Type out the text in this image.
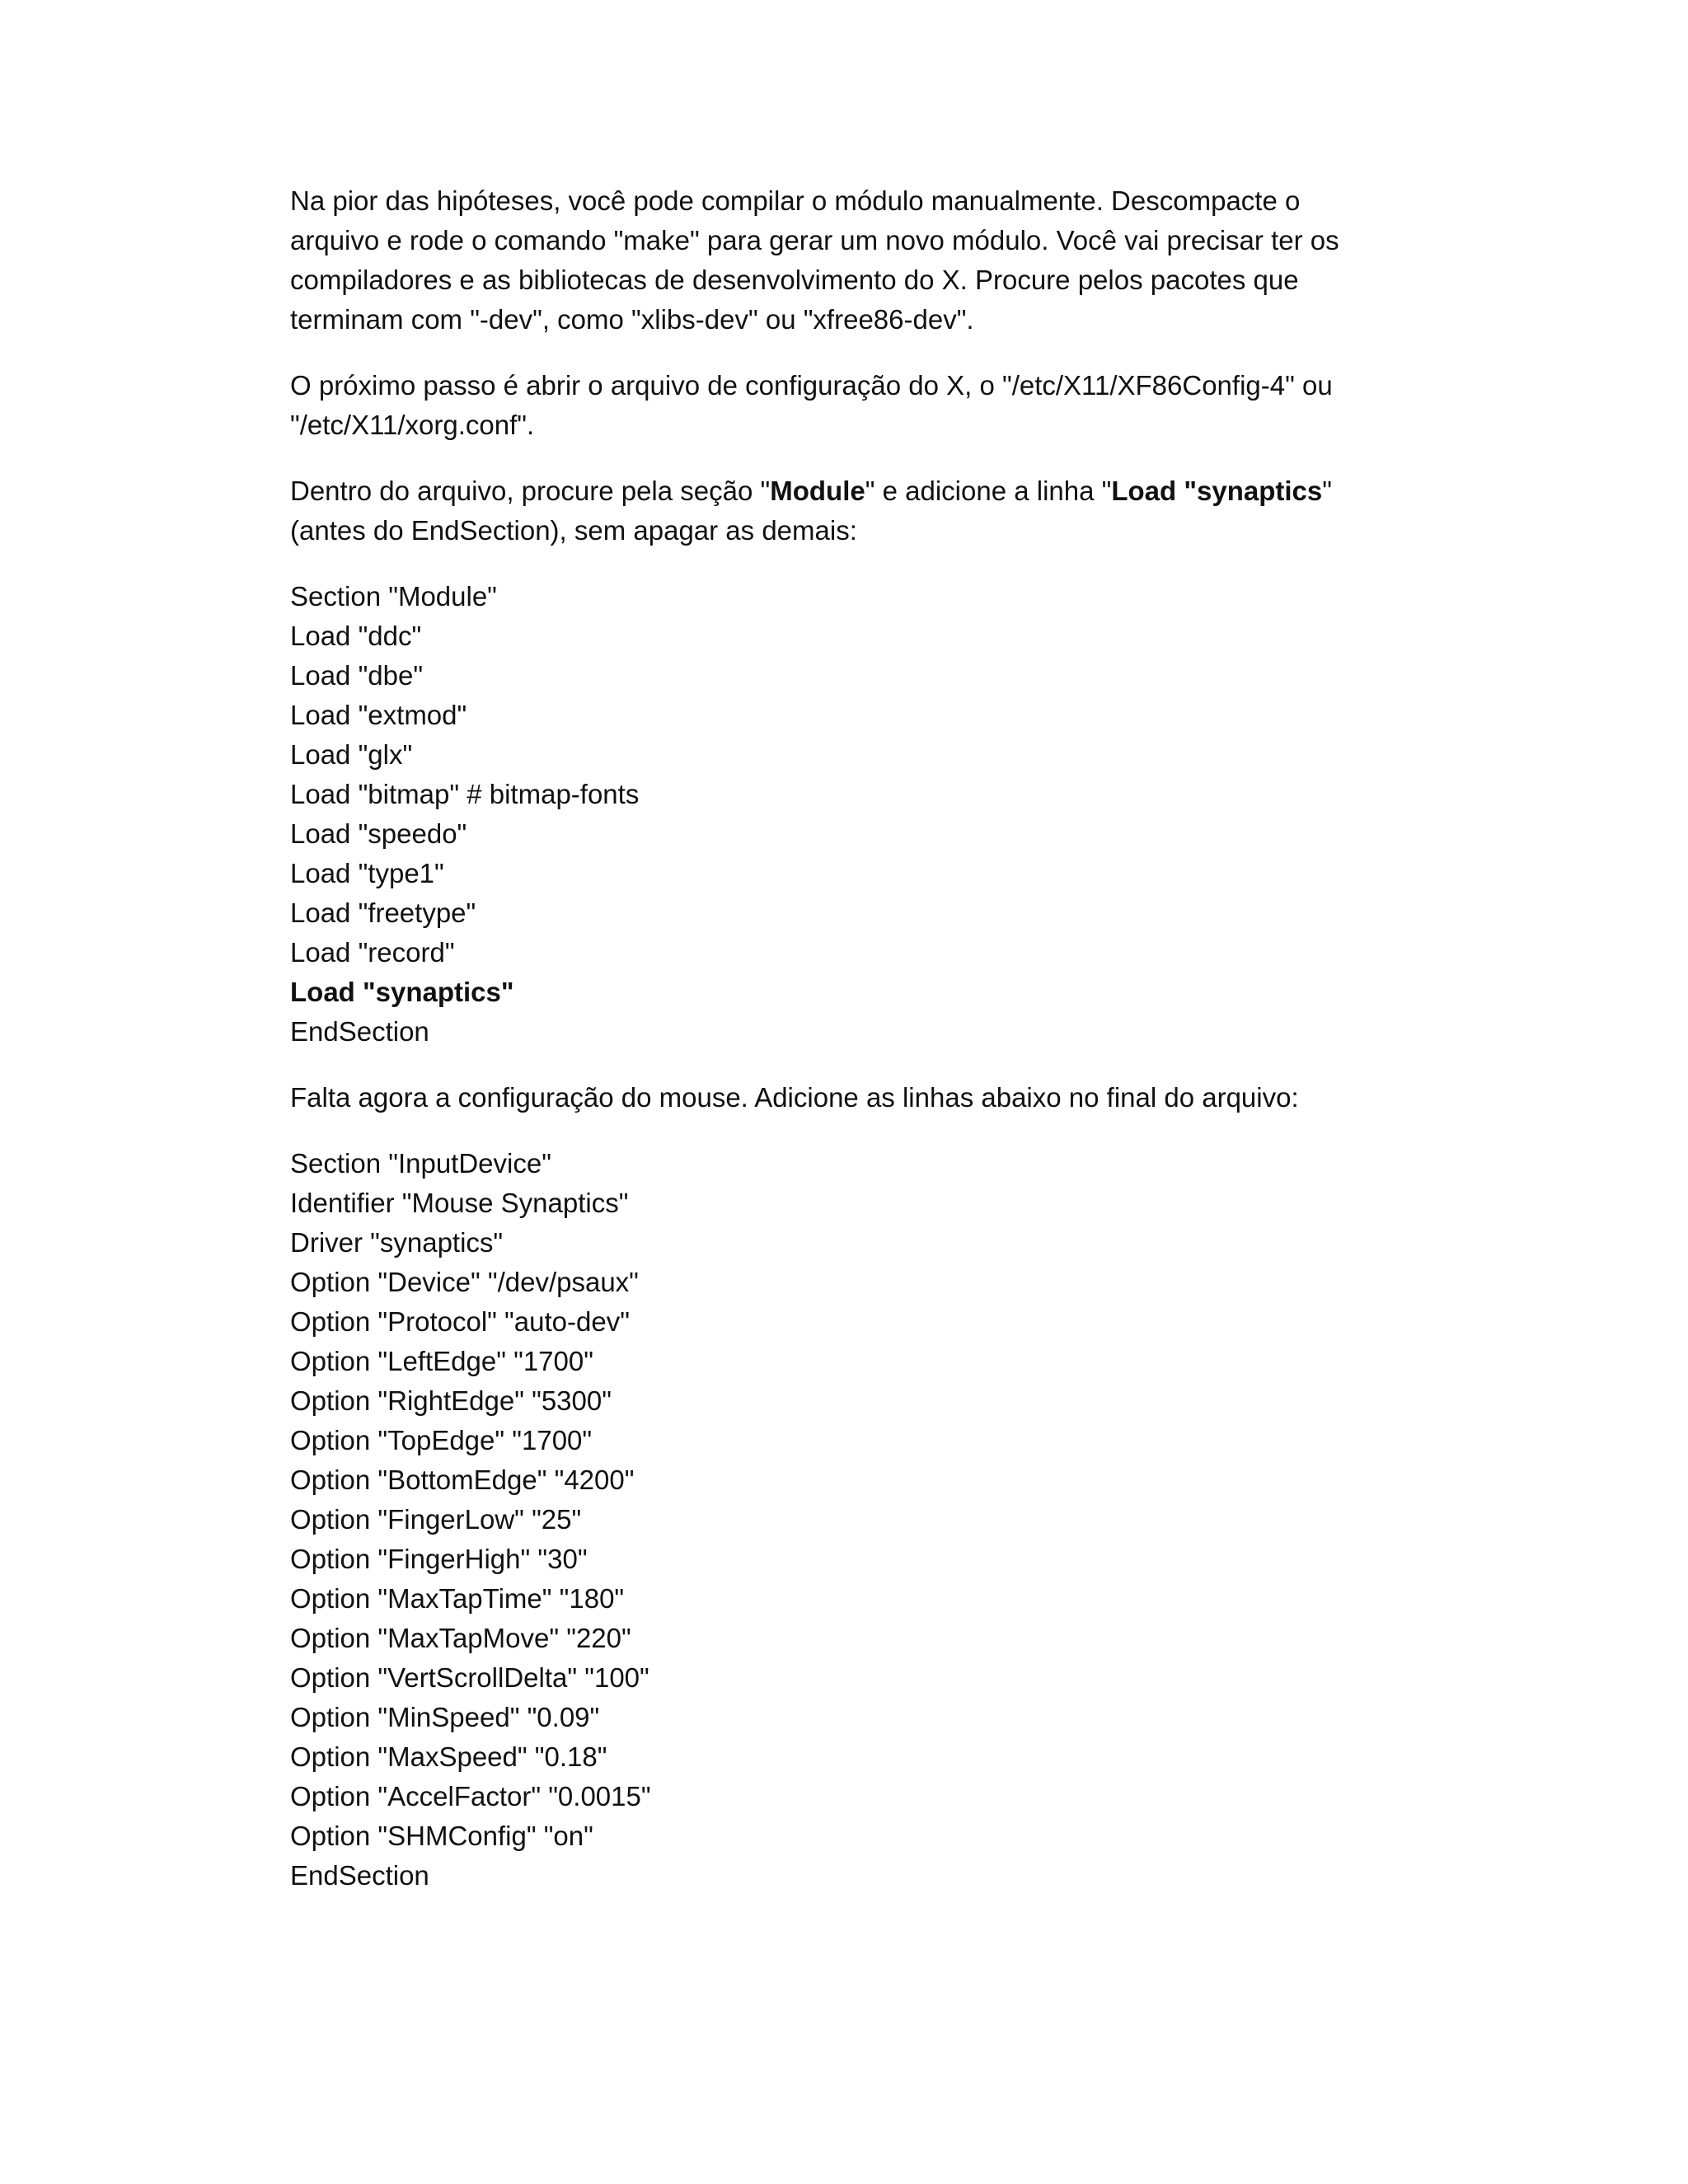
Na pior das hipóteses, você pode compilar o módulo manualmente. Descompacte o arquivo e rode o comando "make" para gerar um novo módulo. Você vai precisar ter os compiladores e as bibliotecas de desenvolvimento do X. Procure pelos pacotes que terminam com "-dev", como "xlibs-dev" ou "xfree86-dev".

O próximo passo é abrir o arquivo de configuração do X, o "/etc/X11/XF86Config-4" ou "/etc/X11/xorg.conf".

Dentro do arquivo, procure pela seção "Module" e adicione a linha "Load "synaptics" (antes do EndSection), sem apagar as demais:

Section "Module"
Load "ddc"
Load "dbe"
Load "extmod"
Load "glx"
Load "bitmap" # bitmap-fonts
Load "speedo"
Load "type1"
Load "freetype"
Load "record"
Load "synaptics"
EndSection

Falta agora a configuração do mouse. Adicione as linhas abaixo no final do arquivo:

Section "InputDevice"
Identifier "Mouse Synaptics"
Driver "synaptics"
Option "Device" "/dev/psaux"
Option "Protocol" "auto-dev"
Option "LeftEdge" "1700"
Option "RightEdge" "5300"
Option "TopEdge" "1700"
Option "BottomEdge" "4200"
Option "FingerLow" "25"
Option "FingerHigh" "30"
Option "MaxTapTime" "180"
Option "MaxTapMove" "220"
Option "VertScrollDelta" "100"
Option "MinSpeed" "0.09"
Option "MaxSpeed" "0.18"
Option "AccelFactor" "0.0015"
Option "SHMConfig" "on"
EndSection
